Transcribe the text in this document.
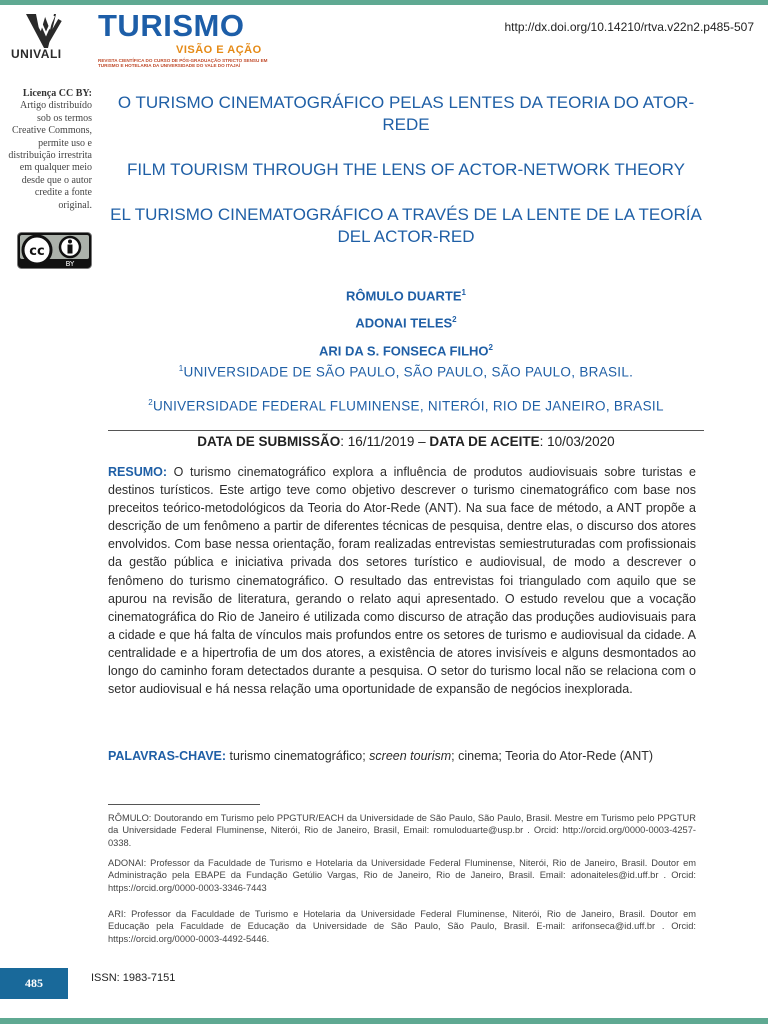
UNIVALI
TURISMO
VISÃO E AÇÃO
REVISTA CIENTÍFICA DO CURSO DE PÓS-GRADUAÇÃO STRICTO SENSU EM TURISMO E HOTELARIA DA UNIVERSIDADE DO VALE DO ITAJAÍ
http://dx.doi.org/10.14210/rtva.v22n2.p485-507
Licença CC BY:
Artigo distribuído sob os termos Creative Commons, permite uso e distribuição irrestrita em qualquer meio desde que o autor credite a fonte original.
cc
BY
O TURISMO CINEMATOGRÁFICO PELAS LENTES DA TEORIA DO ATOR-REDE
FILM TOURISM THROUGH THE LENS OF ACTOR-NETWORK THEORY
EL TURISMO CINEMATOGRÁFICO A TRAVÉS DE LA LENTE DE LA TEORÍA DEL ACTOR-RED
RÔMULO DUARTE$^1$
ADONAI TELES$^2$
ARI DA S. FONSECA FILHO$^2$
$^1$UNIVERSIDADE DE SÃO PAULO, SÃO PAULO, SÃO PAULO, BRASIL.
$^2$UNIVERSIDADE FEDERAL FLUMINENSE, NITERÓI, RIO DE JANEIRO, BRASIL
DATA DE SUBMISSÃO: 16/11/2019 – DATA DE ACEITE: 10/03/2020
RESUMO: O turismo cinematográfico explora a influência de produtos audiovisuais sobre turistas e destinos turísticos. Este artigo teve como objetivo descrever o turismo cinematográfico com base nos preceitos teórico-metodológicos da Teoria do Ator-Rede (ANT). Na sua face de método, a ANT propõe a descrição de um fenômeno a partir de diferentes técnicas de pesquisa, dentre elas, o discurso dos atores envolvidos. Com base nessa orientação, foram realizadas entrevistas semiestruturadas com profissionais da gestão pública e iniciativa privada dos setores turístico e audiovisual, de modo a descrever o fenômeno do turismo cinematográfico. O resultado das entrevistas foi triangulado com aquilo que se apurou na revisão de literatura, gerando o relato aqui apresentado. O estudo revelou que a vocação cinematográfica do Rio de Janeiro é utilizada como discurso de atração das produções audiovisuais para a cidade e que há falta de vínculos mais profundos entre os setores de turismo e audiovisual da cidade. A centralidade e a hipertrofia de um dos atores, a existência de atores invisíveis e alguns desmontados ao longo do caminho foram detectados durante a pesquisa. O setor do turismo local não se relaciona com o setor audiovisual e há nessa relação uma oportunidade de expansão de negócios inexplorada.
PALAVRAS-CHAVE: turismo cinematográfico; screen tourism; cinema; Teoria do Ator-Rede (ANT)
RÔMULO: Doutorando em Turismo pelo PPGTUR/EACH da Universidade de São Paulo, São Paulo, Brasil. Mestre em Turismo pelo PPGTUR da Universidade Federal Fluminense, Niterói, Rio de Janeiro, Brasil, Email: romuloduarte@usp.br . Orcid: http://orcid.org/0000-0003-4257-0338.
ADONAI: Professor da Faculdade de Turismo e Hotelaria da Universidade Federal Fluminense, Niterói, Rio de Janeiro, Brasil. Doutor em Administração pela EBAPE da Fundação Getúlio Vargas, Rio de Janeiro, Rio de Janeiro, Brasil. Email: adonaiteles@id.uff.br . Orcid: https://orcid.org/0000-0003-3346-7443
ARI: Professor da Faculdade de Turismo e Hotelaria da Universidade Federal Fluminense, Niterói, Rio de Janeiro, Brasil. Doutor em Educação pela Faculdade de Educação da Universidade de São Paulo, São Paulo, Brasil. E-mail: arifonseca@id.uff.br . Orcid: https://orcid.org/0000-0003-4492-5446.
485	ISSN: 1983-7151
